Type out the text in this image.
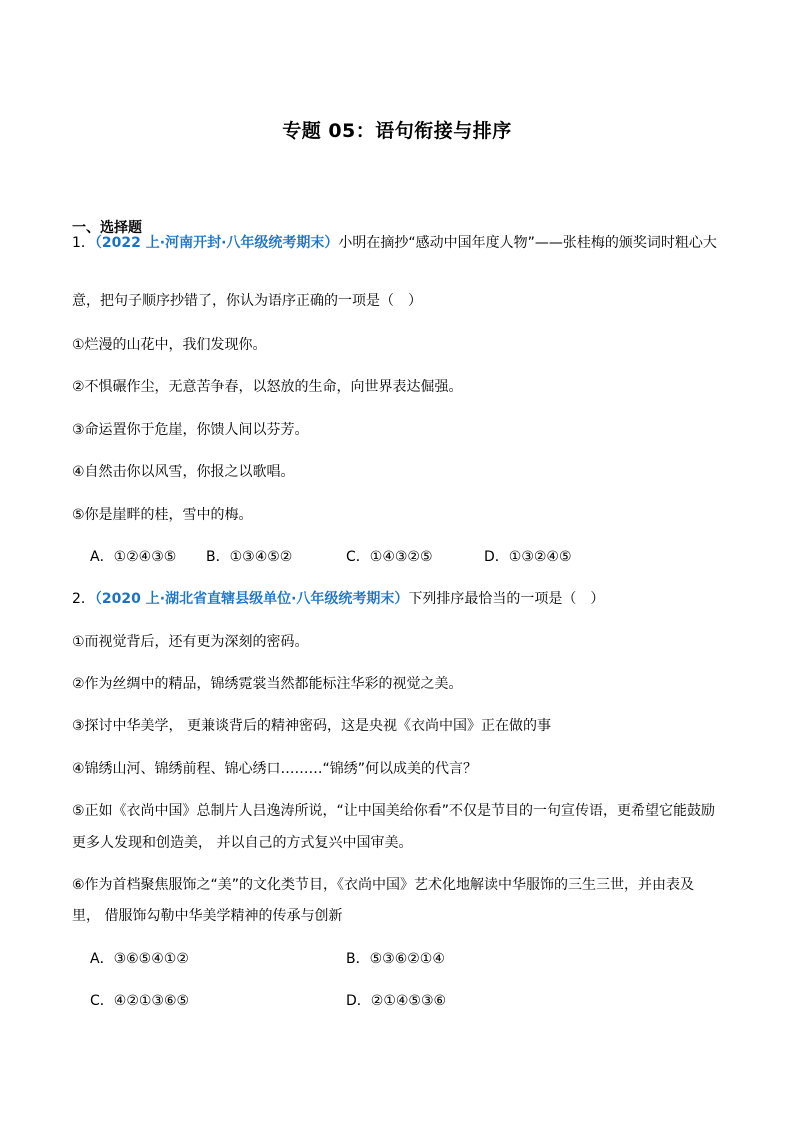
专题 05：语句衔接与排序
一、选择题
1．（2022 上·河南开封·八年级统考期末）小明在摘抄“感动中国年度人物”——张桂梅的颁奖词时粗心大
意，把句子顺序抄错了，你认为语序正确的一项是（　）
①烂漫的山花中，我们发现你。
②不惧碾作尘，无意苦争春，以怒放的生命，向世界表达倔强。
③命运置你于危崖，你馈人间以芬芳。
④自然击你以风雪，你报之以歌唱。
⑤你是崖畔的桂，雪中的梅。
A．①②④③⑤ B．①③④⑤②	C．①④③②⑤	D．①③②④⑤
2．（2020 上·湖北省直辖县级单位·八年级统考期末）下列排序最恰当的一项是（　）
①而视觉背后，还有更为深刻的密码。
②作为丝绸中的精品，锦绣霓裳当然都能标注华彩的视觉之美。
③探讨中华美学， 更兼谈背后的精神密码，这是央视《衣尚中国》正在做的事
④锦绣山河、锦绣前程、锦心绣口………“锦绣”何以成美的代言？
⑤正如《衣尚中国》总制片人吕逸涛所说，“让中国美给你看”不仅是节目的一句宣传语，更希望它能鼓励
更多人发现和创造美， 并以自己的方式复兴中国审美。
⑥作为首档聚焦服饰之“美”的文化类节目，《衣尚中国》艺术化地解读中华服饰的三生三世，并由表及
里， 借服饰勾勒中华美学精神的传承与创新
A．③⑥⑤④①②	B．⑤③⑥②①④
C．④②①③⑥⑤	D．②①④⑤③⑥
